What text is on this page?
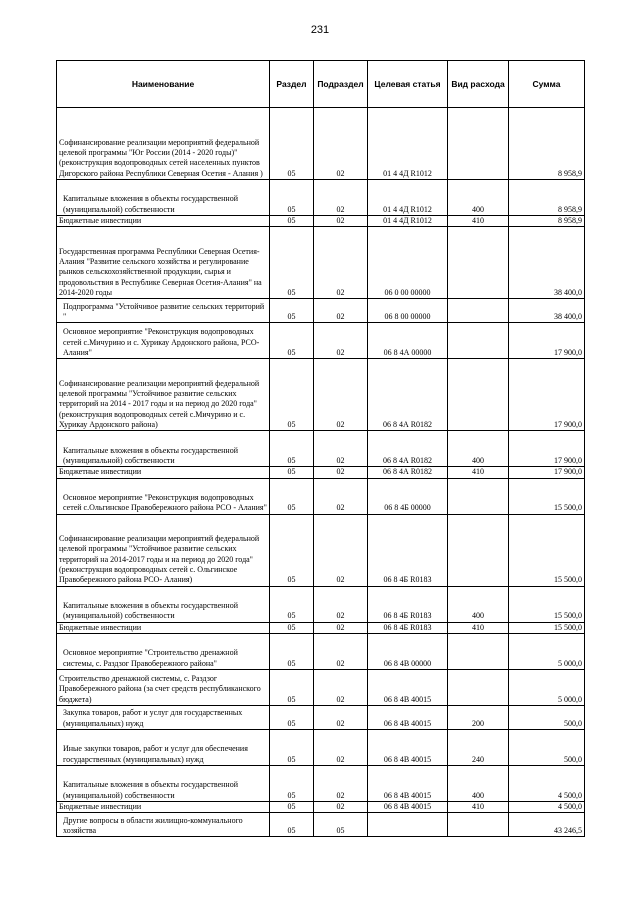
231
Наименование	Раздел	Подраздел	Целевая статья	Вид расхода	Сумма
Софинансирование реализации мероприятий федеральной целевой программы "Юг России (2014 - 2020 годы)" (реконструкция водопроводных сетей населенных пунктов Дигорского района Республики Северная Осетия - Алания )	05	02	01 4 4Д R1012		8 958,9
Капитальные вложения в объекты государственной (муниципальной) собственности	05	02	01 4 4Д R1012	400	8 958,9
Бюджетные инвестиции	05	02	01 4 4Д R1012	410	8 958,9
Государственная программа Республики Северная Осетия-Алания "Развитие сельского хозяйства и регулирование рынков сельскохозяйственной продукции, сырья и продовольствия в Республике Северная Осетия-Алания" на 2014-2020 годы	05	02	06 0 00 00000		38 400,0
Подпрограмма "Устойчивое развитие сельских территорий "	05	02	06 8 00 00000		38 400,0
Основное мероприятие "Реконструкция водопроводных сетей с.Мичурино и с. Хурикау Ардонского района, РСО-Алания"	05	02	06 8 4А 00000		17 900,0
Софинансирование реализации мероприятий федеральной целевой программы "Устойчивое развитие сельских территорий на 2014 - 2017 годы и на период до 2020 года" (реконструкция водопроводных сетей с.Мичурино и с. Хурикау Ардонского района)	05	02	06 8 4А R0182		17 900,0
Капитальные вложения в объекты государственной (муниципальной) собственности	05	02	06 8 4А R0182	400	17 900,0
Бюджетные инвестиции	05	02	06 8 4А R0182	410	17 900,0
Основное мероприятие "Реконструкция водопроводных сетей с.Ольгинское Правобережного района РСО - Алания"	05	02	06 8 4Б 00000		15 500,0
Софинансирование реализации мероприятий федеральной целевой программы "Устойчивое развитие сельских территорий на 2014-2017 годы и на период до 2020 года" (реконструкция водопроводных сетей с. Ольгинское Правобережного района РСО- Алания)	05	02	06 8 4Б R0183		15 500,0
Капитальные вложения в объекты государственной (муниципальной) собственности	05	02	06 8 4Б R0183	400	15 500,0
Бюджетные инвестиции	05	02	06 8 4Б R0183	410	15 500,0
Основное мероприятие "Строительство дренажной системы, с. Раздзог Правобережного района"	05	02	06 8 4В 00000		5 000,0
Строительство дренажной системы, с. Раздзог Правобережного района (за счет средств республиканского бюджета)	05	02	06 8 4В 40015		5 000,0
Закупка товаров, работ и услуг для государственных (муниципальных) нужд	05	02	06 8 4В 40015	200	500,0
Иные закупки товаров, работ и услуг для обеспечения государственных (муниципальных) нужд	05	02	06 8 4В 40015	240	500,0
Капитальные вложения в объекты государственной (муниципальной) собственности	05	02	06 8 4В 40015	400	4 500,0
Бюджетные инвестиции	05	02	06 8 4В 40015	410	4 500,0
Другие вопросы в области жилищно-коммунального хозяйства	05	05			43 246,5
